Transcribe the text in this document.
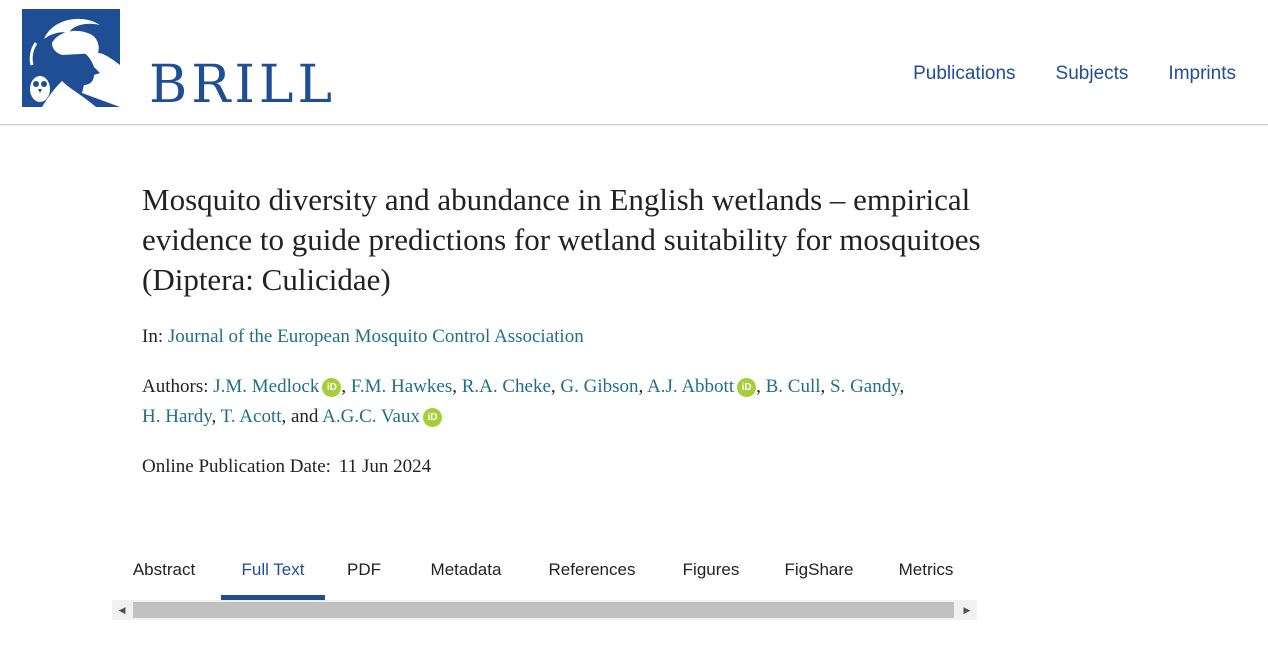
BRILL	Publications Subjects Imprints
Mosquito diversity and abundance in English wetlands – empirical evidence to guide predictions for wetland suitability for mosquitoes (Diptera: Culicidae)
In: Journal of the European Mosquito Control Association
Authors: J.M. Medlock iD , F.M. Hawkes, R.A. Cheke, G. Gibson, A.J. Abbott iD , B. Cull, S. Gandy,
H. Hardy, T. Acott, and A.G.C. Vaux iD
Online Publication Date: 11 Jun 2024
Abstract	Full Text	PDF	Metadata	References	Figures	FigShare	Metrics
◀	▶
